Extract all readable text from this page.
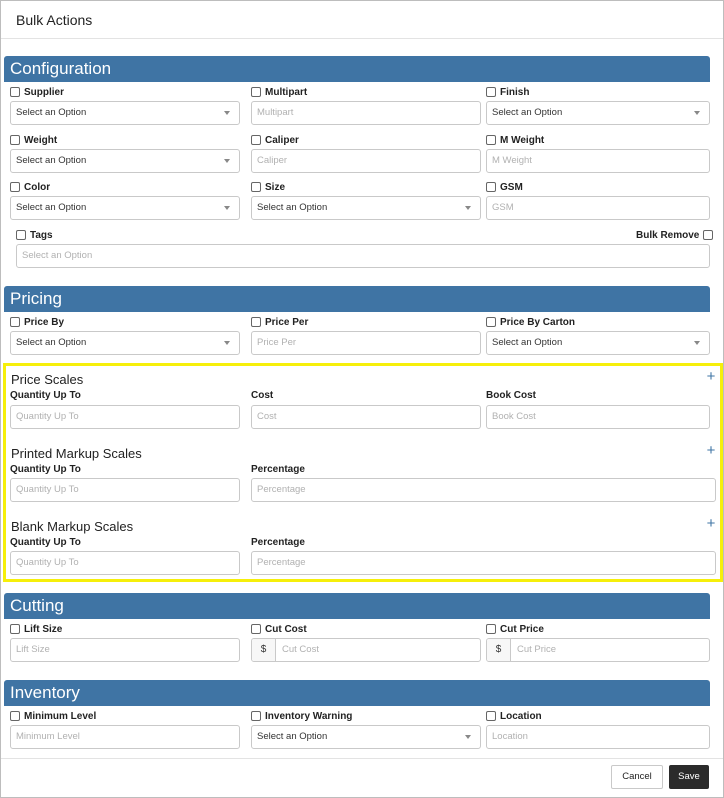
Bulk Actions
Configuration
Supplier
Select an Option
Multipart
Multipart
Finish
Select an Option
Weight
Select an Option
Caliper
Caliper
M Weight
M Weight
Color
Select an Option
Size
Select an Option
GSM
GSM
Tags	Bulk Remove
Select an Option
Pricing
Price By
Select an Option
Price Per
Price Per
Price By Carton
Select an Option
Price Scales	+
Quantity Up To	Cost	Book Cost
Quantity Up To	Cost	Book Cost
Printed Markup Scales	+
Quantity Up To	Percentage
Quantity Up To	Percentage
Blank Markup Scales	+
Quantity Up To	Percentage
Quantity Up To	Percentage
Cutting
Lift Size
Lift Size
Cut Cost
$	Cut Cost
Cut Price
$	Cut Price
Inventory
Minimum Level
Minimum Level
Inventory Warning
Select an Option
Location
Location
Cancel	Save
